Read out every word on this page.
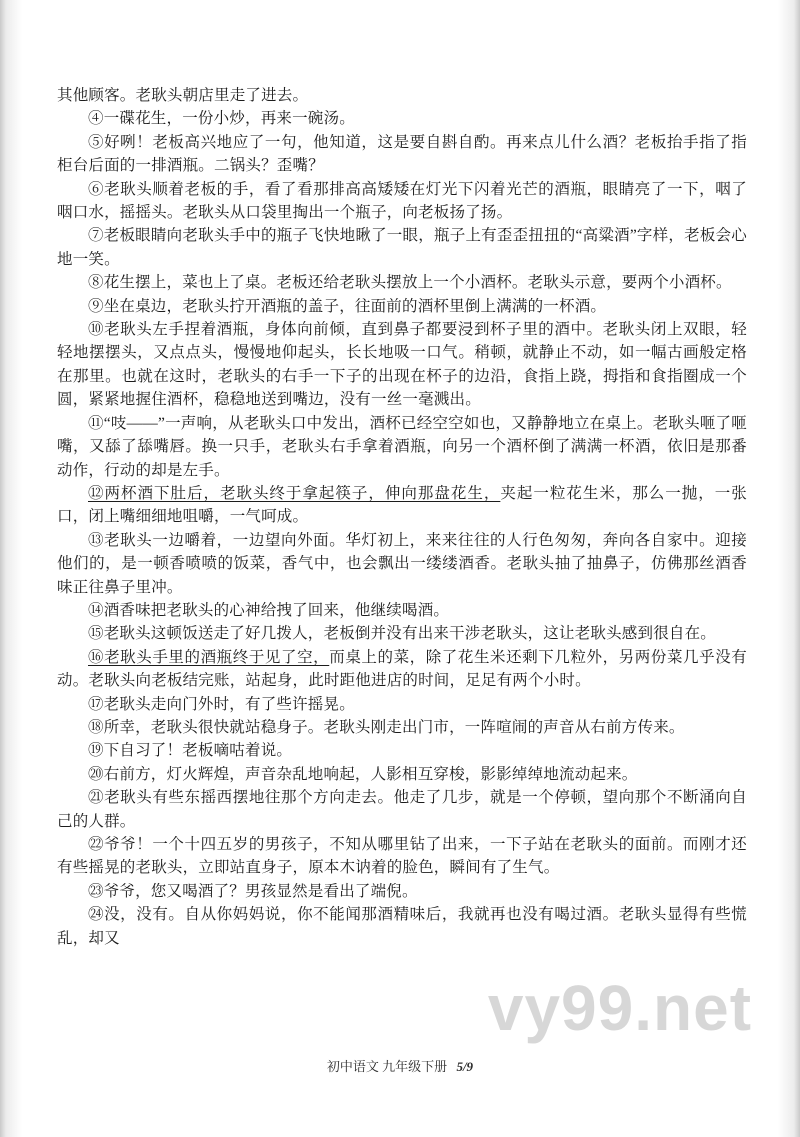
其他顾客。老耿头朝店里走了进去。

④一碟花生，一份小炒，再来一碗汤。

⑤好咧！老板高兴地应了一句，他知道，这是要自斟自酌。再来点儿什么酒？老板抬手指了指柜台后面的一排酒瓶。二锅头？歪嘴？

⑥老耿头顺着老板的手，看了看那排高高矮矮在灯光下闪着光芒的酒瓶，眼睛亮了一下，咽了咽口水，摇摇头。老耿头从口袋里掏出一个瓶子，向老板扬了扬。

⑦老板眼睛向老耿头手中的瓶子飞快地瞅了一眼，瓶子上有歪歪扭扭的“高粱酒”字样，老板会心地一笑。

⑧花生摆上，菜也上了桌。老板还给老耿头摆放上一个小酒杯。老耿头示意，要两个小酒杯。

⑨坐在桌边，老耿头拧开酒瓶的盖子，往面前的酒杯里倒上满满的一杯酒。

⑩老耿头左手捏着酒瓶，身体向前倾，直到鼻子都要浸到杯子里的酒中。老耿头闭上双眼，轻轻地摆摆头，又点点头，慢慢地仰起头，长长地吸一口气。稍顿，就静止不动，如一幅古画般定格在那里。也就在这时，老耿头的右手一下子的出现在杯子的边沿，食指上跷，拇指和食指圈成一个圆，紧紧地握住酒杯，稳稳地送到嘴边，没有一丝一毫溅出。

⑪“吱——”一声响，从老耿头口中发出，酒杯已经空空如也，又静静地立在桌上。老耿头咂了咂嘴，又舔了舔嘴唇。换一只手，老耿头右手拿着酒瓶，向另一个酒杯倒了满满一杯酒，依旧是那番动作，行动的却是左手。

⑫两杯酒下肚后，老耿头终于拿起筷子，伸向那盘花生，夹起一粒花生米，那么一抛，一张口，闭上嘴细细地咀嚼，一气呵成。

⑬老耿头一边嚼着，一边望向外面。华灯初上，来来往往的人行色匆匆，奔向各自家中。迎接他们的，是一顿香喷喷的饭菜，香气中，也会飘出一缕缕酒香。老耿头抽了抽鼻子，仿佛那丝酒香味正往鼻子里冲。

⑭酒香味把老耿头的心神给拽了回来，他继续喝酒。

⑮老耿头这顿饭送走了好几拨人，老板倒并没有出来干涉老耿头，这让老耿头感到很自在。

⑯老耿头手里的酒瓶终于见了空，而桌上的菜，除了花生米还剩下几粒外，另两份菜几乎没有动。老耿头向老板结完账，站起身，此时距他进店的时间，足足有两个小时。

⑰老耿头走向门外时，有了些许摇晃。

⑱所幸，老耿头很快就站稳身子。老耿头刚走出门市，一阵喧闹的声音从右前方传来。

⑲下自习了！老板嘀咕着说。

⑳右前方，灯火辉煌，声音杂乱地响起，人影相互穿梭，影影绰绰地流动起来。

㉑老耿头有些东摇西摆地往那个方向走去。他走了几步，就是一个停顿，望向那个不断涌向自己的人群。

㉒爷爷！一个十四五岁的男孩子，不知从哪里钻了出来，一下子站在老耿头的面前。而刚才还有些摇晃的老耿头，立即站直身子，原本木讷着的脸色，瞬间有了生气。

㉓爷爷，您又喝酒了？男孩显然是看出了端倪。

㉔没，没有。自从你妈妈说，你不能闻那酒精味后，我就再也没有喝过酒。老耿头显得有些慌乱，却又

vy99.net
初中语文 九年级下册 5/9
